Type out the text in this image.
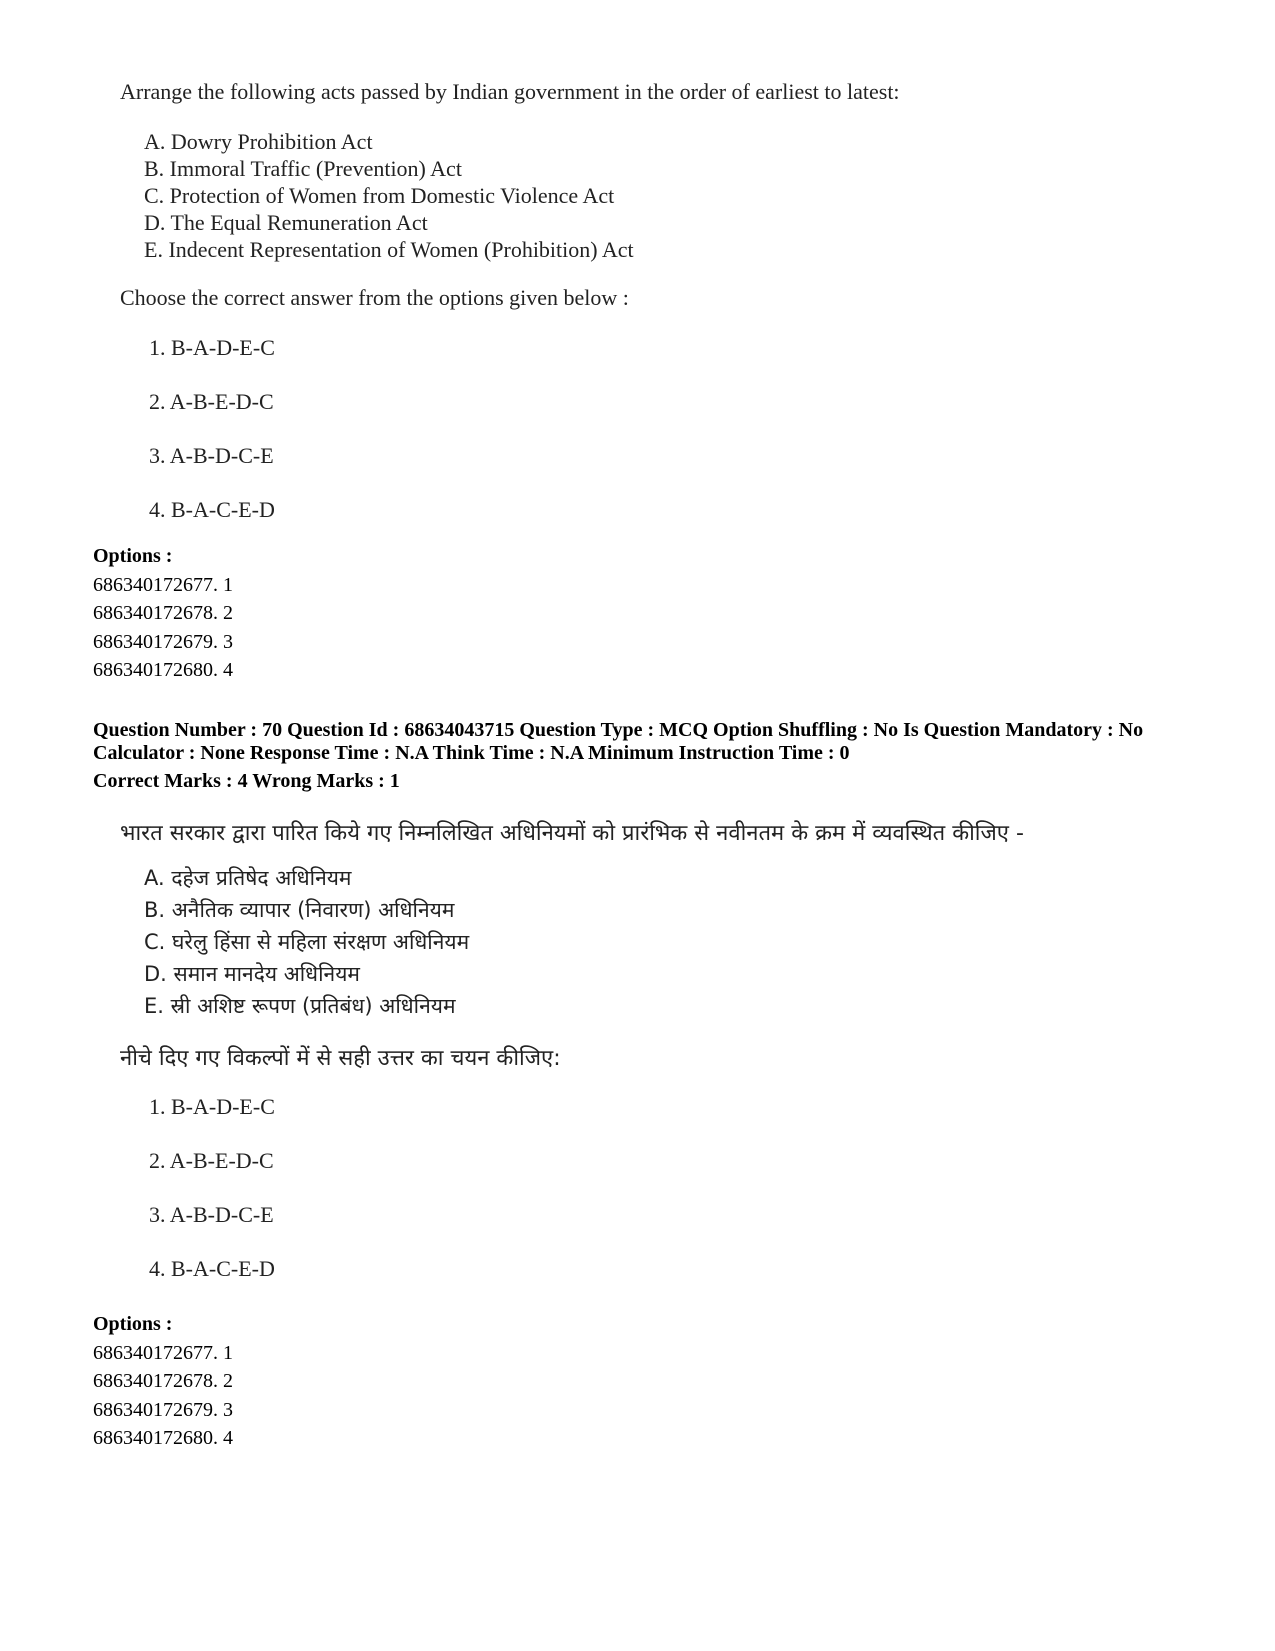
Arrange the following acts passed by Indian government in the order of earliest to latest:
A. Dowry Prohibition Act
B. Immoral Traffic (Prevention) Act
C. Protection of Women from Domestic Violence Act
D. The Equal Remuneration Act
E. Indecent Representation of Women (Prohibition) Act
Choose the correct answer from the options given below :
1. B-A-D-E-C
2. A-B-E-D-C
3. A-B-D-C-E
4. B-A-C-E-D
Options :
686340172677. 1
686340172678. 2
686340172679. 3
686340172680. 4
Question Number : 70 Question Id : 68634043715 Question Type : MCQ Option Shuffling : No Is Question Mandatory : No Calculator : None Response Time : N.A Think Time : N.A Minimum Instruction Time : 0
Correct Marks : 4 Wrong Marks : 1
भारत सरकार द्वारा पारित किये गए निम्नलिखित अधिनियमों को प्रारंभिक से नवीनतम के क्रम में व्यवस्थित कीजिए -
A. दहेज प्रतिषेद अधिनियम
B. अनैतिक व्यापार (निवारण) अधिनियम
C. घरेलु हिंसा से महिला संरक्षण अधिनियम
D. समान मानदेय अधिनियम
E. स्री अशिष्ट रूपण (प्रतिबंध) अधिनियम
नीचे दिए गए विकल्पों में से सही उत्तर का चयन कीजिए:
1. B-A-D-E-C
2. A-B-E-D-C
3. A-B-D-C-E
4. B-A-C-E-D
Options :
686340172677. 1
686340172678. 2
686340172679. 3
686340172680. 4
